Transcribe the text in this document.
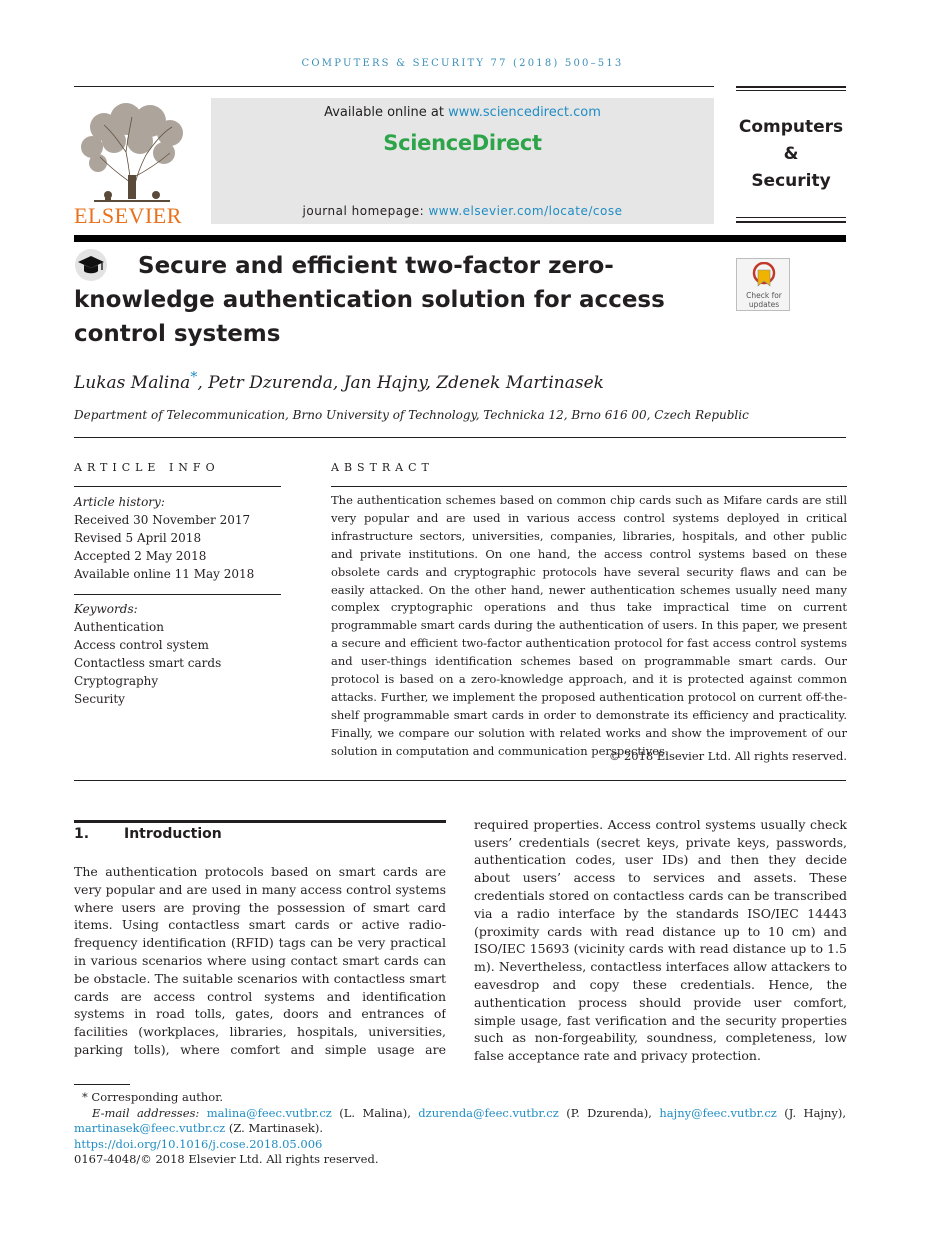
COMPUTERS & SECURITY 77 (2018) 500–513
ELSEVIER
Available online at www.sciencedirect.com
ScienceDirect
journal homepage: www.elsevier.com/locate/cose
Computers
&
Security
Secure and efficient two-factor zero-knowledge authentication solution for access control systems
Check for
updates
Lukas Malina*, Petr Dzurenda, Jan Hajny, Zdenek Martinasek
Department of Telecommunication, Brno University of Technology, Technicka 12, Brno 616 00, Czech Republic
ARTICLE INFO
Article history:
Received 30 November 2017
Revised 5 April 2018
Accepted 2 May 2018
Available online 11 May 2018
Keywords:
Authentication
Access control system
Contactless smart cards
Cryptography
Security
ABSTRACT
The authentication schemes based on common chip cards such as Mifare cards are still very popular and are used in various access control systems deployed in critical infrastructure sectors, universities, companies, libraries, hospitals, and other public and private institutions. On one hand, the access control systems based on these obsolete cards and cryptographic protocols have several security flaws and can be easily attacked. On the other hand, newer authentication schemes usually need many complex cryptographic operations and thus take impractical time on current programmable smart cards during the authentication of users. In this paper, we present a secure and efficient two-factor authentication protocol for fast access control systems and user-things identification schemes based on programmable smart cards. Our protocol is based on a zero-knowledge approach, and it is protected against common attacks. Further, we implement the proposed authentication protocol on current off-the-shelf programmable smart cards in order to demonstrate its efficiency and practicality. Finally, we compare our solution with related works and show the improvement of our solution in computation and communication perspectives.
© 2018 Elsevier Ltd. All rights reserved.
1. Introduction

The authentication protocols based on smart cards are very popular and are used in many access control systems where users are proving the possession of smart card items. Using contactless smart cards or active radio-frequency identification (RFID) tags can be very practical in various scenarios where using contact smart cards can be obstacle. The suitable scenarios with contactless smart cards are access control systems and identification systems in road tolls, gates, doors and entrances of facilities (workplaces, libraries, hospitals, universities, parking tolls), where comfort and simple usage are

required properties. Access control systems usually check users’ credentials (secret keys, private keys, passwords, authentication codes, user IDs) and then they decide about users’ access to services and assets. These credentials stored on contactless cards can be transcribed via a radio interface by the standards ISO/IEC 14443 (proximity cards with read distance up to 10 cm) and ISO/IEC 15693 (vicinity cards with read distance up to 1.5 m). Nevertheless, contactless interfaces allow attackers to eavesdrop and copy these credentials. Hence, the authentication process should provide user comfort, simple usage, fast verification and the security properties such as non-forgeability, soundness, completeness, low false acceptance rate and privacy protection.

* Corresponding author.
E-mail addresses: malina@feec.vutbr.cz (L. Malina), dzurenda@feec.vutbr.cz (P. Dzurenda), hajny@feec.vutbr.cz (J. Hajny), martinasek@feec.vutbr.cz (Z. Martinasek).
https://doi.org/10.1016/j.cose.2018.05.006
0167-4048/© 2018 Elsevier Ltd. All rights reserved.
